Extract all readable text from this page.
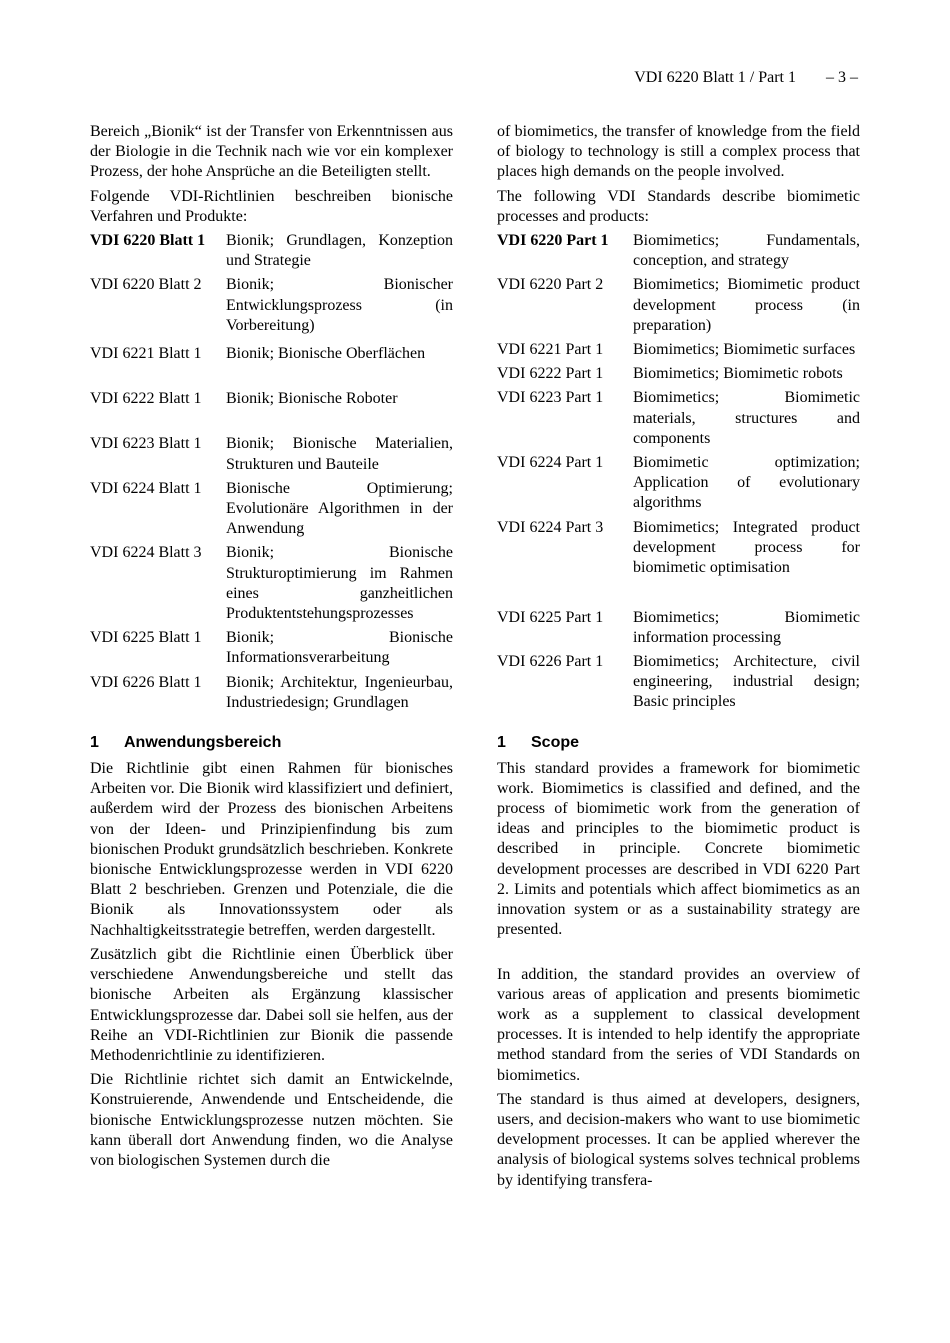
VDI 6220 Blatt 1 / Part 1 – 3 –

Bereich „Bionik“ ist der Transfer von Erkenntnissen aus der Biologie in die Technik nach wie vor ein komplexer Prozess, der hohe Ansprüche an die Beteiligten stellt.

Folgende VDI-Richtlinien beschreiben bionische Verfahren und Produkte:

VDI 6220 Blatt 1	Bionik; Grundlagen, Konzeption und Strategie
VDI 6220 Blatt 2	Bionik; Bionischer Entwicklungsprozess (in Vorbereitung)
VDI 6221 Blatt 1	Bionik; Bionische Oberflächen
VDI 6222 Blatt 1	Bionik; Bionische Roboter
VDI 6223 Blatt 1	Bionik; Bionische Materialien, Strukturen und Bauteile
VDI 6224 Blatt 1	Bionische Optimierung; Evolutionäre Algorithmen in der Anwendung
VDI 6224 Blatt 3	Bionik; Bionische Strukturoptimierung im Rahmen eines ganzheitlichen Produktentstehungsprozesses
VDI 6225 Blatt 1	Bionik; Bionische Informationsverarbeitung
VDI 6226 Blatt 1	Bionik; Architektur, Ingenieurbau, Industriedesign; Grundlagen
1 Anwendungsbereich

Die Richtlinie gibt einen Rahmen für bionisches Arbeiten vor. Die Bionik wird klassifiziert und definiert, außerdem wird der Prozess des bionischen Arbeitens von der Ideen- und Prinzipienfindung bis zum bionischen Produkt grundsätzlich beschrieben. Konkrete bionische Entwicklungsprozesse werden in VDI 6220 Blatt 2 beschrieben. Grenzen und Potenziale, die die Bionik als Innovationssystem oder als Nachhaltigkeitsstrategie betreffen, werden dargestellt.

Zusätzlich gibt die Richtlinie einen Überblick über verschiedene Anwendungsbereiche und stellt das bionische Arbeiten als Ergänzung klassischer Entwicklungsprozesse dar. Dabei soll sie helfen, aus der Reihe an VDI-Richtlinien zur Bionik die passende Methodenrichtlinie zu identifizieren.

Die Richtlinie richtet sich damit an Entwickelnde, Konstruierende, Anwendende und Entscheidende, die bionische Entwicklungsprozesse nutzen möchten. Sie kann überall dort Anwendung finden, wo die Analyse von biologischen Systemen durch die

of biomimetics, the transfer of knowledge from the field of biology to technology is still a complex process that places high demands on the people involved.

The following VDI Standards describe biomimetic processes and products:

VDI 6220 Part 1	Biomimetics; Fundamentals, conception, and strategy
VDI 6220 Part 2	Biomimetics; Biomimetic product development process (in preparation)
VDI 6221 Part 1	Biomimetics; Biomimetic surfaces
VDI 6222 Part 1	Biomimetics; Biomimetic robots
VDI 6223 Part 1	Biomimetics; Biomimetic materials, structures and components
VDI 6224 Part 1	Biomimetic optimization; Application of evolutionary algorithms
VDI 6224 Part 3	Biomimetics; Integrated product development process for biomimetic optimisation
VDI 6225 Part 1	Biomimetics; Biomimetic information processing
VDI 6226 Part 1	Biomimetics; Architecture, civil engineering, industrial design; Basic principles
1 Scope

This standard provides a framework for biomimetic work. Biomimetics is classified and defined, and the process of biomimetic work from the generation of ideas and principles to the biomimetic product is described in principle. Concrete biomimetic development processes are described in VDI 6220 Part 2. Limits and potentials which affect biomimetics as an innovation system or as a sustainability strategy are presented.

In addition, the standard provides an overview of various areas of application and presents biomimetic work as a supplement to classical development processes. It is intended to help identify the appropriate method standard from the series of VDI Standards on biomimetics.

The standard is thus aimed at developers, designers, users, and decision-makers who want to use biomimetic development processes. It can be applied wherever the analysis of biological systems solves technical problems by identifying transfera-
